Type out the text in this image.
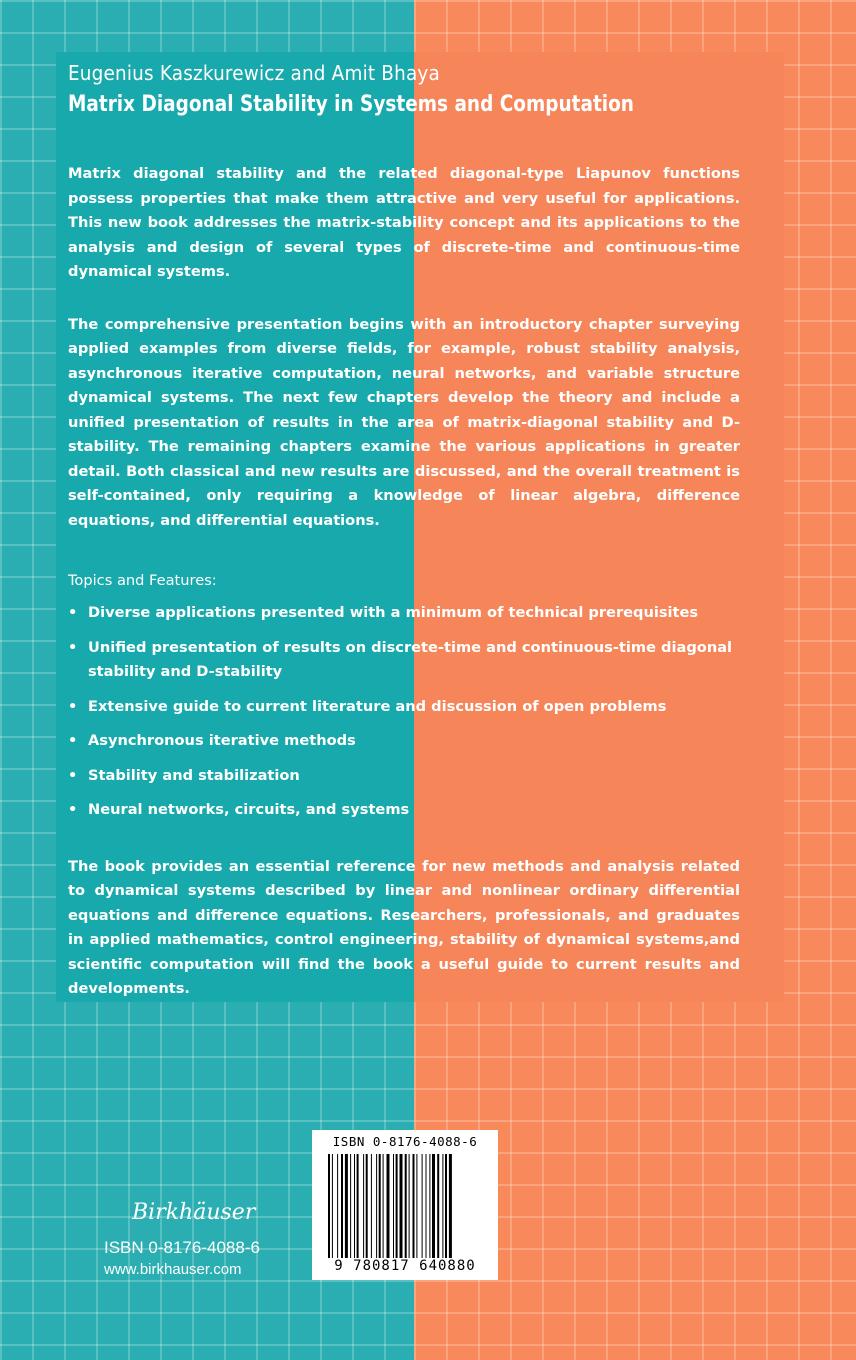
Eugenius Kaszkurewicz and Amit Bhaya

Matrix Diagonal Stability in Systems and Computation

Matrix diagonal stability and the related diagonal-type Liapunov functions possess properties that make them attractive and very useful for applications. This new book addresses the matrix-stability concept and its applications to the analysis and design of several types of discrete-time and continuous-time dynamical systems.

The comprehensive presentation begins with an introductory chapter surveying applied examples from diverse fields, for example, robust stability analysis, asynchronous iterative computation, neural networks, and variable structure dynamical systems. The next few chapters develop the theory and include a unified presentation of results in the area of matrix-diagonal stability and D-stability. The remaining chapters examine the various applications in greater detail. Both classical and new results are discussed, and the overall treatment is self-contained, only requiring a knowledge of linear algebra, difference equations, and differential equations.

Topics and Features:

• Diverse applications presented with a minimum of technical prerequisites
• Unified presentation of results on discrete-time and continuous-time diagonal stability and D-stability
• Extensive guide to current literature and discussion of open problems
• Asynchronous iterative methods
• Stability and stabilization
• Neural networks, circuits, and systems

The book provides an essential reference for new methods and analysis related to dynamical systems described by linear and nonlinear ordinary differential equations and difference equations. Researchers, professionals, and graduates in applied mathematics, control engineering, stability of dynamical systems,and scientific computation will find the book a useful guide to current results and developments.

Birkhäuser
ISBN 0-8176-4088-6
www.birkhauser.com
ISBN 0-8176-4088-6
9 780817 640880
